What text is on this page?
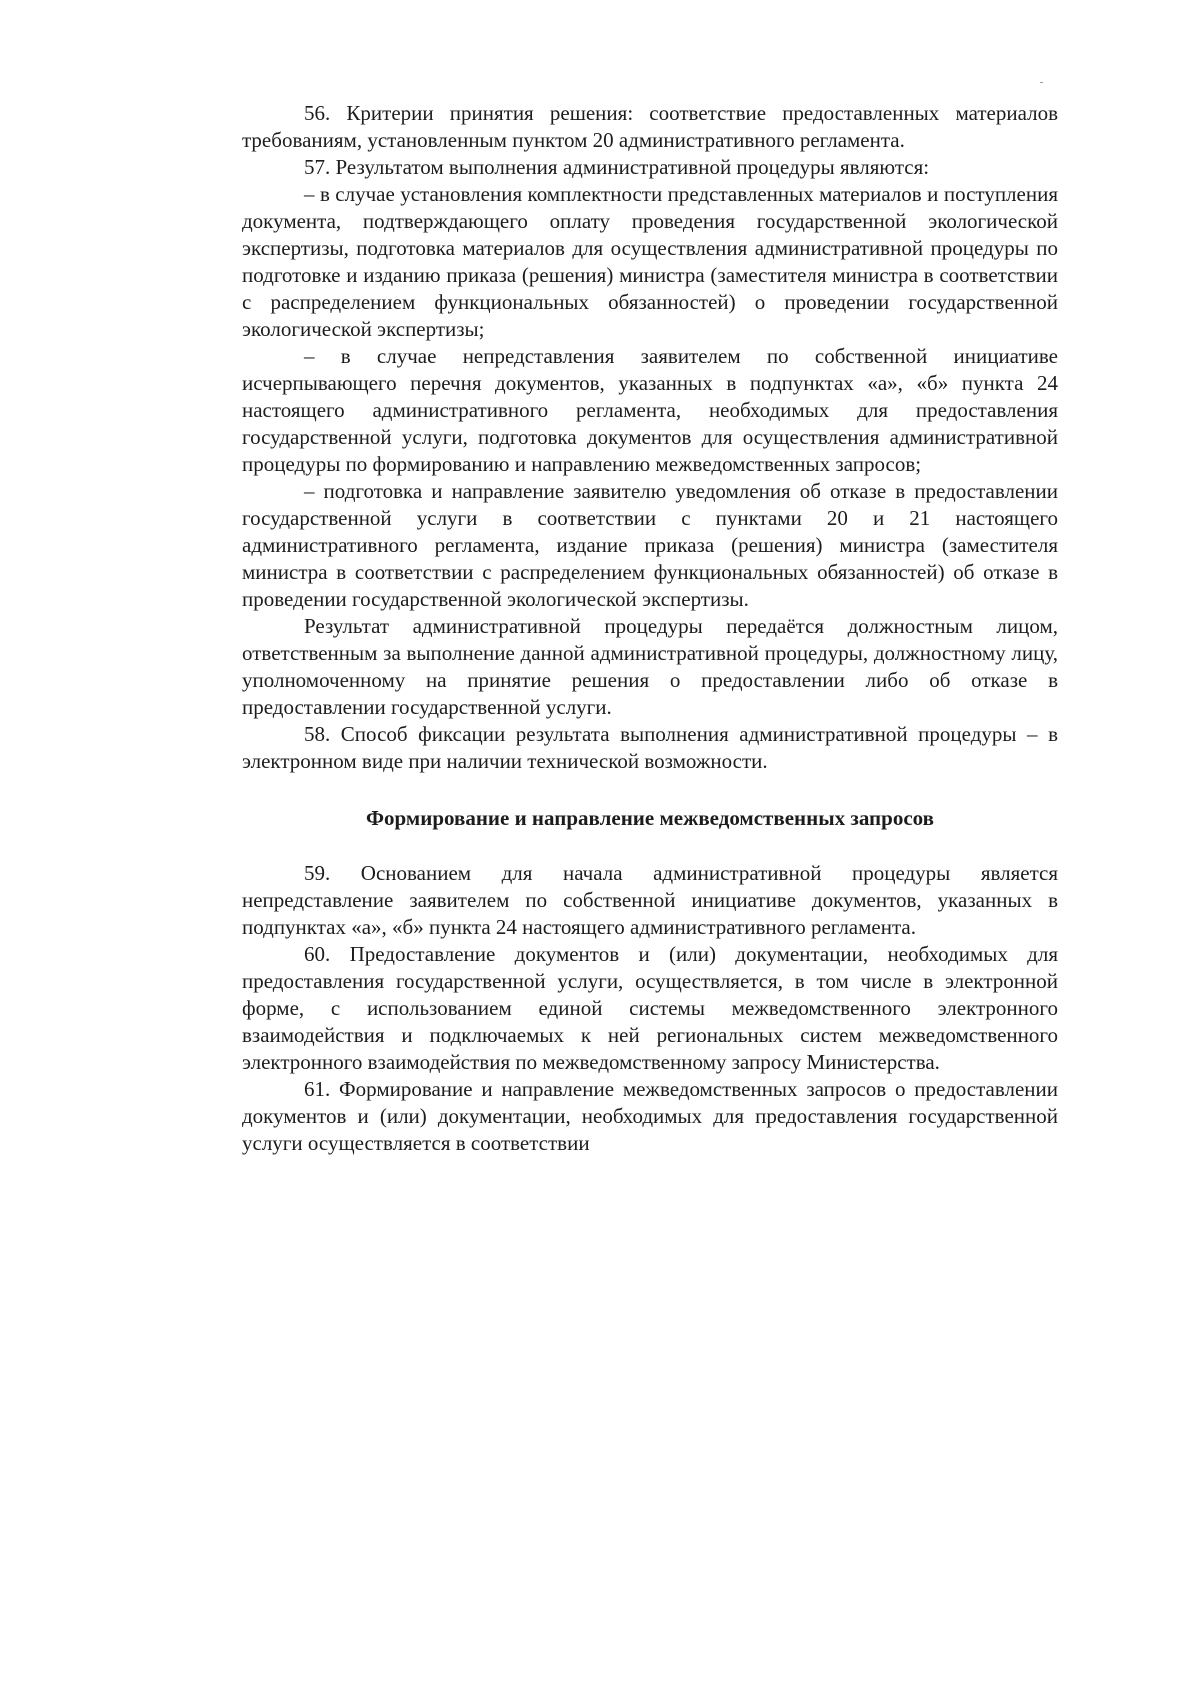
56. Критерии принятия решения: соответствие предоставленных материалов требованиям, установленным пунктом 20 административного регламента.

57. Результатом выполнения административной процедуры являются:

– в случае установления комплектности представленных материалов и поступления документа, подтверждающего оплату проведения государственной экологической экспертизы, подготовка материалов для осуществления административной процедуры по подготовке и изданию приказа (решения) министра (заместителя министра в соответствии с распределением функциональных обязанностей) о проведении государственной экологической экспертизы;

– в случае непредставления заявителем по собственной инициативе исчерпывающего перечня документов, указанных в подпунктах «а», «б» пункта 24 настоящего административного регламента, необходимых для предоставления государственной услуги, подготовка документов для осуществления административной процедуры по формированию и направлению межведомственных запросов;

– подготовка и направление заявителю уведомления об отказе в предоставлении государственной услуги в соответствии с пунктами 20 и 21 настоящего административного регламента, издание приказа (решения) министра (заместителя министра в соответствии с распределением функциональных обязанностей) об отказе в проведении государственной экологической экспертизы.

Результат административной процедуры передаётся должностным лицом, ответственным за выполнение данной административной процедуры, должностному лицу, уполномоченному на принятие решения о предоставлении либо об отказе в предоставлении государственной услуги.

58. Способ фиксации результата выполнения административной процедуры – в электронном виде при наличии технической возможности.

Формирование и направление межведомственных запросов

59. Основанием для начала административной процедуры является непредставление заявителем по собственной инициативе документов, указанных в подпунктах «а», «б» пункта 24 настоящего административного регламента.

60. Предоставление документов и (или) документации, необходимых для предоставления государственной услуги, осуществляется, в том числе в электронной форме, с использованием единой системы межведомственного электронного взаимодействия и подключаемых к ней региональных систем межведомственного электронного взаимодействия по межведомственному запросу Министерства.

61. Формирование и направление межведомственных запросов о предоставлении документов и (или) документации, необходимых для предоставления государственной услуги осуществляется в соответствии
